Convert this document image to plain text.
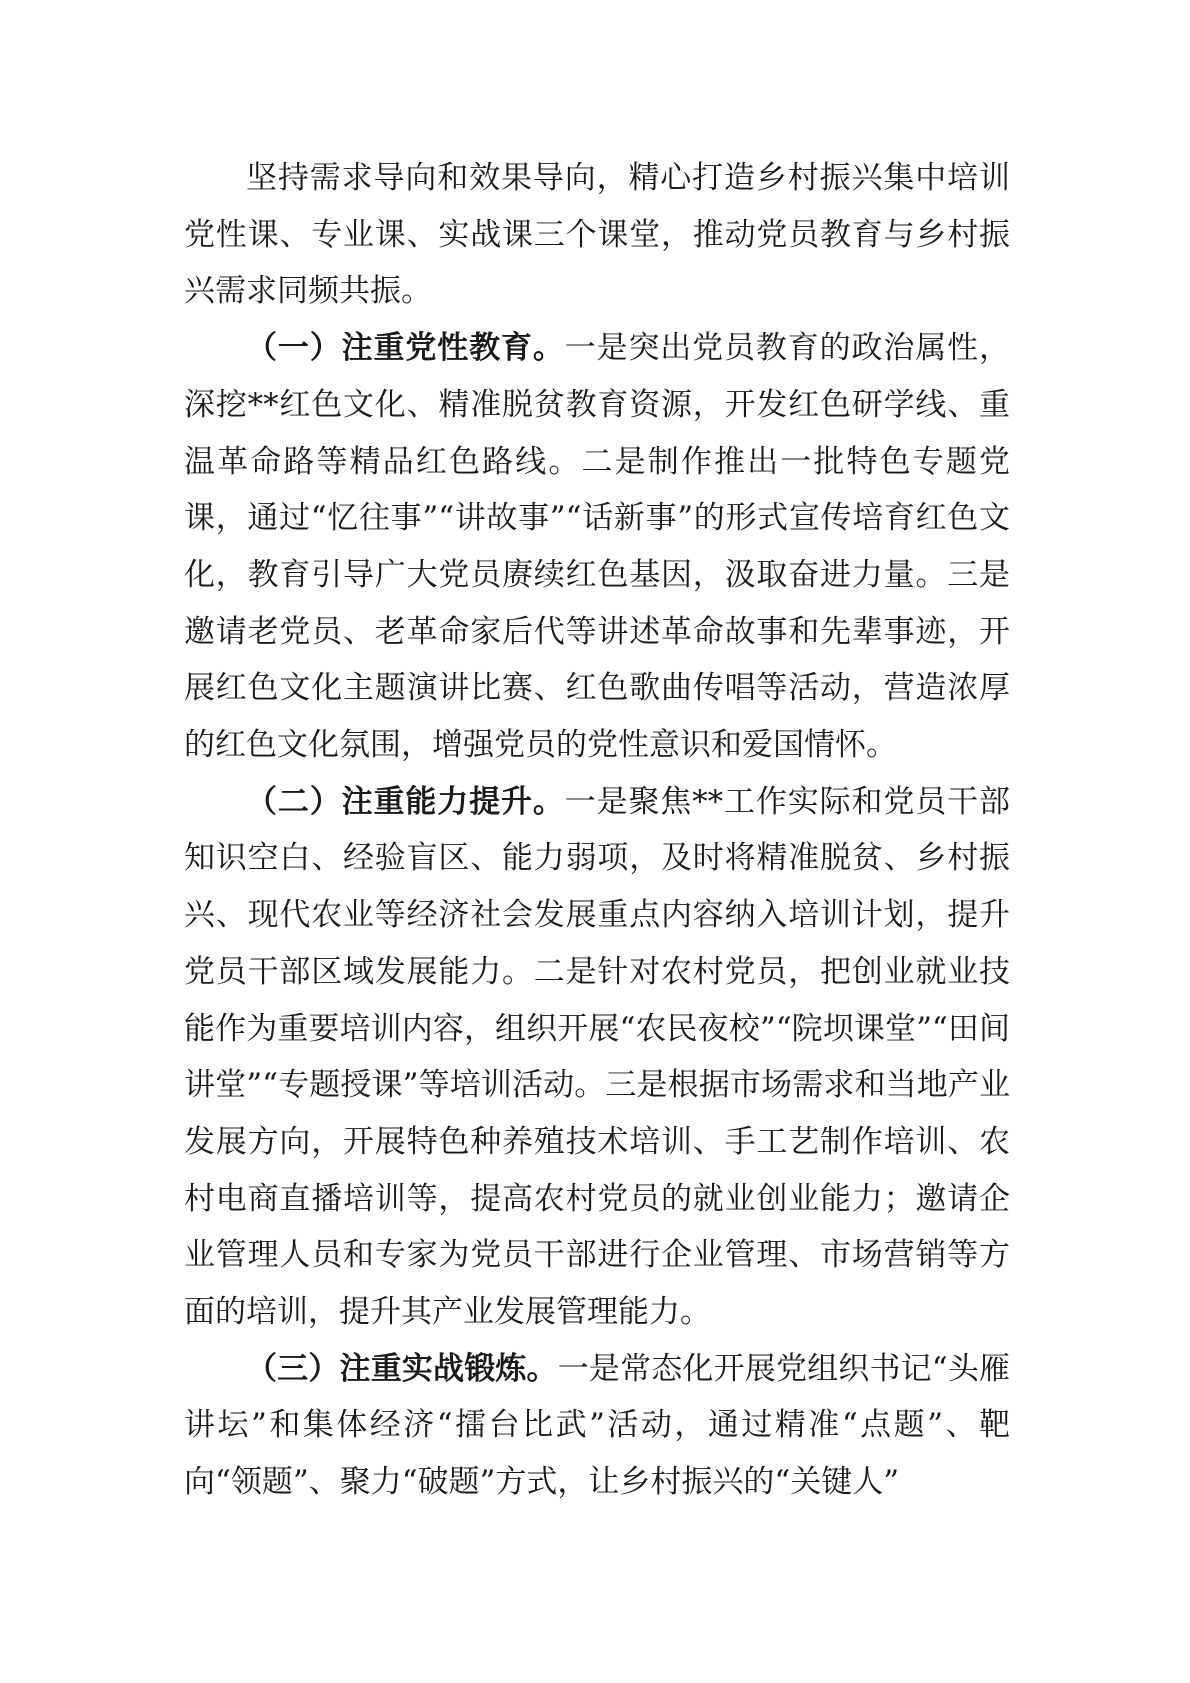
坚持需求导向和效果导向，精心打造乡村振兴集中培训党性课、专业课、实战课三个课堂，推动党员教育与乡村振兴需求同频共振。

（一）注重党性教育。一是突出党员教育的政治属性，深挖**红色文化、精准脱贫教育资源，开发红色研学线、重温革命路等精品红色路线。二是制作推出一批特色专题党课，通过“忆往事”“讲故事”“话新事”的形式宣传培育红色文化，教育引导广大党员赓续红色基因，汲取奋进力量。三是邀请老党员、老革命家后代等讲述革命故事和先辈事迹，开展红色文化主题演讲比赛、红色歌曲传唱等活动，营造浓厚的红色文化氛围，增强党员的党性意识和爱国情怀。

（二）注重能力提升。一是聚焦**工作实际和党员干部知识空白、经验盲区、能力弱项，及时将精准脱贫、乡村振兴、现代农业等经济社会发展重点内容纳入培训计划，提升党员干部区域发展能力。二是针对农村党员，把创业就业技能作为重要培训内容，组织开展“农民夜校”“院坝课堂”“田间讲堂”“专题授课”等培训活动。三是根据市场需求和当地产业发展方向，开展特色种养殖技术培训、手工艺制作培训、农村电商直播培训等，提高农村党员的就业创业能力；邀请企业管理人员和专家为党员干部进行企业管理、市场营销等方面的培训，提升其产业发展管理能力。

（三）注重实战锻炼。一是常态化开展党组织书记“头雁讲坛”和集体经济“擂台比武”活动，通过精准“点题”、靶向“领题”、聚力“破题”方式，让乡村振兴的“关键人”
